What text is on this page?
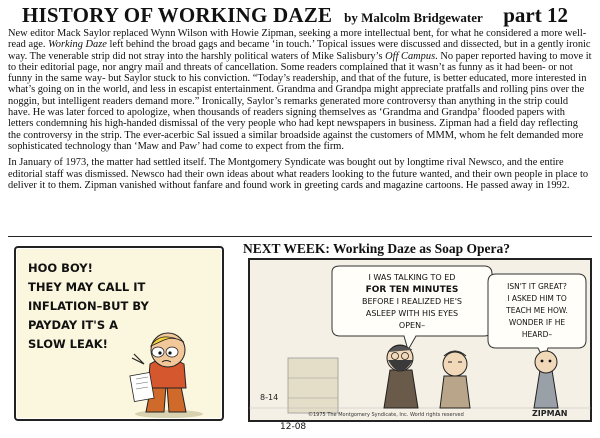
HISTORY OF WORKING DAZE by Malcolm Bridgewater part 12

New editor Mack Saylor replaced Wynn Wilson with Howie Zipman, seeking a more intellectual bent, for what he considered a more well-read age. Working Daze left behind the broad gags and became ‘in touch.’ Topical issues were discussed and dissected, but in a gently ironic way. The venerable strip did not stray into the harshly political waters of Mike Salisbury’s Off Campus. No paper reported having to move it to their editorial page, nor angry mail and threats of cancellation. Some readers complained that it wasn’t as funny as it had been- or not funny in the same way- but Saylor stuck to his conviction. “Today’s readership, and that of the future, is better educated, more interested in what’s going on in the world, and less in escapist entertainment. Grandma and Grandpa might appreciate pratfalls and rolling pins over the noggin, but intelligent readers demand more.” Ironically, Saylor’s remarks generated more controversy than anything in the strip could have. He was later forced to apologize, when thousands of readers signing themselves as ‘Grandma and Grandpa’ flooded papers with letters condemning his high-handed dismissal of the very people who had kept newspapers in business. Zipman had a field day reflecting the controversy in the strip. The ever-acerbic Sal issued a similar broadside against the customers of MMM, whom he felt demanded more sophisticated technology than ‘Maw and Paw’ had come to expect from the firm.

In January of 1973, the matter had settled itself. The Montgomery Syndicate was bought out by longtime rival Newsco, and the entire editorial staff was dismissed. Newsco had their own ideas about what readers looking to the future wanted, and their own people in place to deliver it to them. Zipman vanished without fanfare and found work in greeting cards and magazine cartoons. He passed away in 1992.

NEXT WEEK: Working Daze as Soap Opera?
HOO BOY!
THEY MAY CALL IT
INFLATION–BUT BY
PAYDAY IT'S A
SLOW LEAK!
I WAS TALKING TO ED
FOR TEN MINUTES
BEFORE I REALIZED HE'S
ASLEEP WITH HIS EYES
OPEN–
ISN'T IT GREAT?
I ASKED HIM TO
TEACH ME HOW.
WONDER IF HE
HEARD–
8-14
©1975 The Montgomery Syndicate, Inc. World rights reserved	ZIPMAN
12-08
